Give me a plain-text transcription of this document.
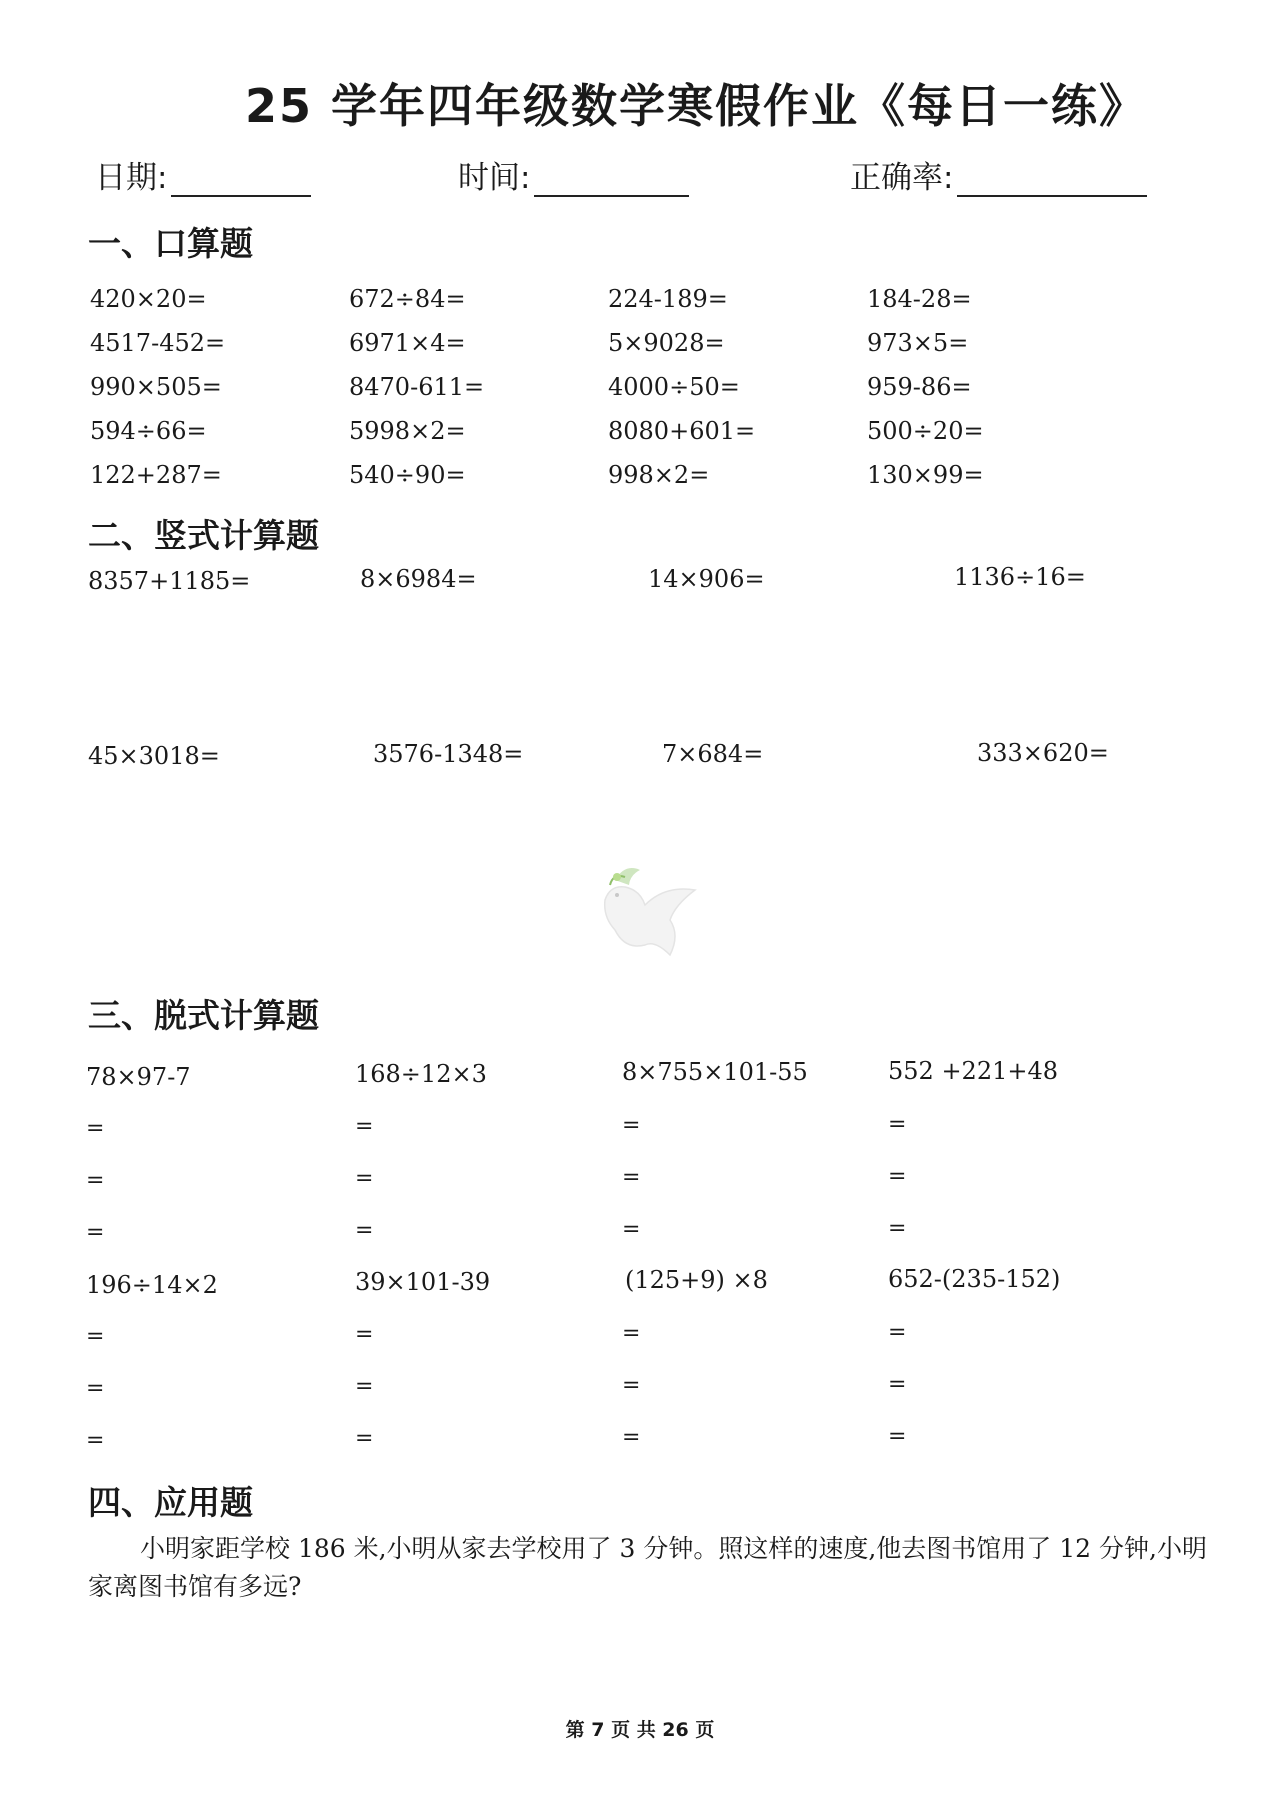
25 学年四年级数学寒假作业《每日一练》
日期:	时间:	正确率:
一、口算题
420×20=	672÷84=	224-189=	184-28=
4517-452=	6971×4=	5×9028=	973×5=
990×505=	8470-611=	4000÷50=	959-86=
594÷66=	5998×2=	8080+601=	500÷20=
122+287=	540÷90=	998×2=	130×99=
二、竖式计算题
8357+1185=	8×6984=	14×906=	1136÷16=
45×3018=	3576-1348=	7×684=	333×620=
三、脱式计算题
78×97-7	168÷12×3	8×755×101-55	552 +221+48
=	=	=	=
=	=	=	=
=	=	=	=
196÷14×2	39×101-39	(125+9) ×8	652-(235-152)
=	=	=	=
=	=	=	=
=	=	=	=
四、应用题
小明家距学校 186 米,小明从家去学校用了 3 分钟。照这样的速度,他去图书馆用了 12 分钟,小明家离图书馆有多远?
第 7 页 共 26 页
